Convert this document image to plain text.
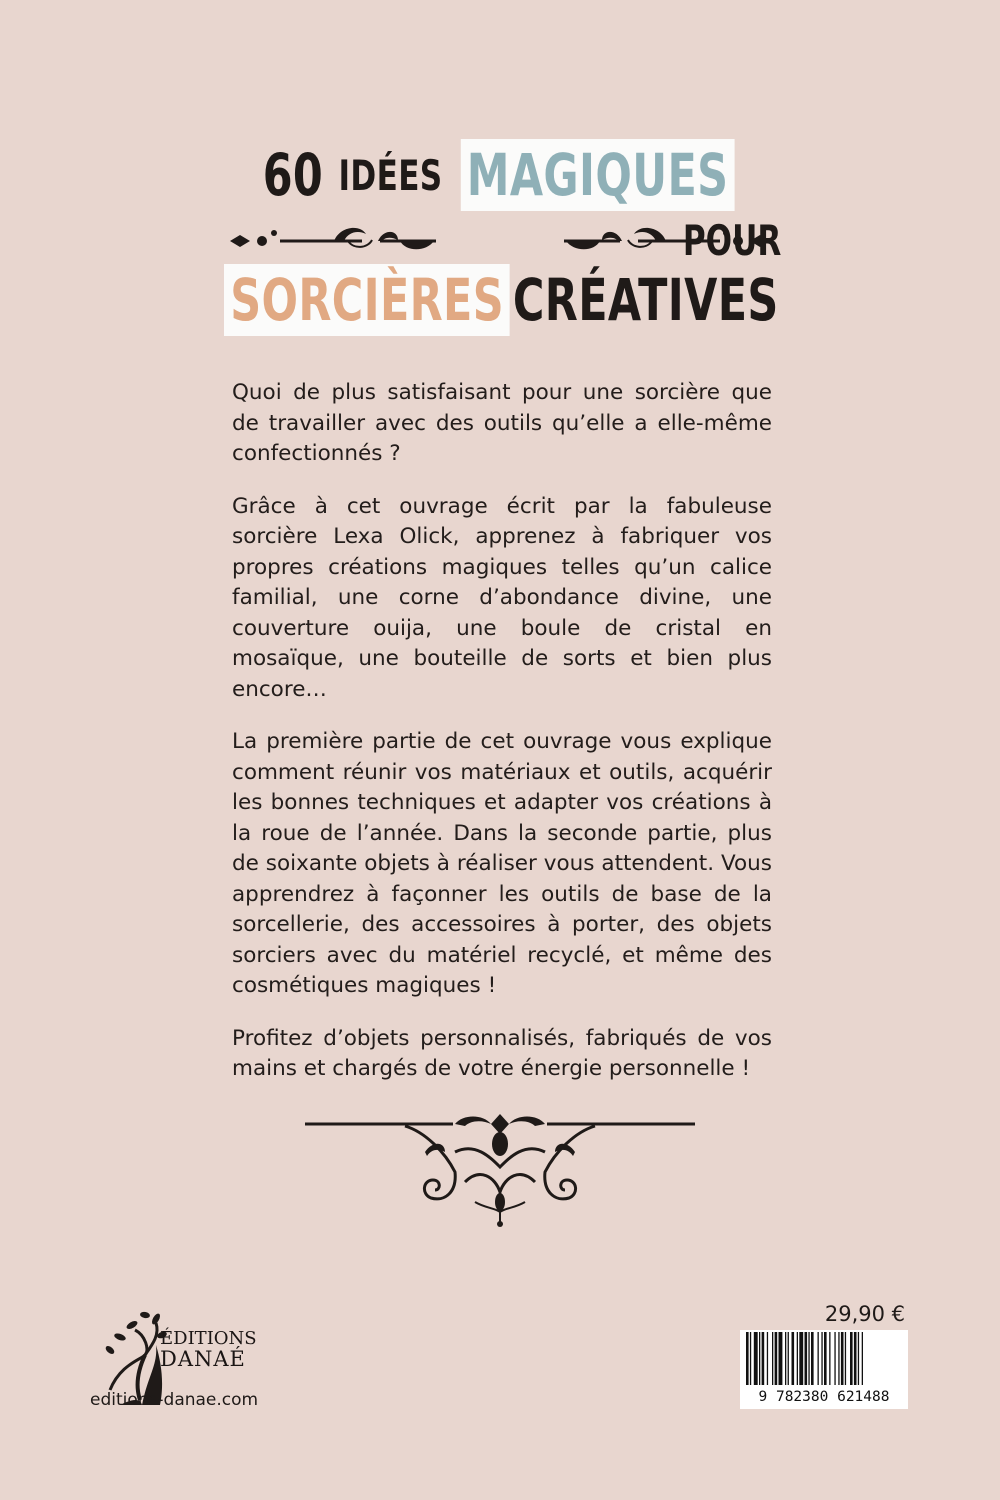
60
IDÉES
MAGIQUES
POUR
SORCIÈRES CRÉATIVES

Quoi de plus satisfaisant pour une sorcière que de travailler avec des outils qu’elle a elle-même confectionnés ?

Grâce à cet ouvrage écrit par la fabuleuse sorcière Lexa Olick, apprenez à fabriquer vos propres créations magiques telles qu’un calice familial, une corne d’abondance divine, une couverture ouija, une boule de cristal en mosaïque, une bouteille de sorts et bien plus encore…

La première partie de cet ouvrage vous explique comment réunir vos matériaux et outils, acquérir les bonnes techniques et adapter vos créations à la roue de l’année. Dans la seconde partie, plus de soixante objets à réaliser vous attendent. Vous apprendrez à façonner les outils de base de la sorcellerie, des accessoires à porter, des objets sorciers avec du matériel recyclé, et même des cosmétiques magiques !

Profitez d’objets personnalisés, fabriqués de vos mains et chargés de votre énergie personnelle !

ÉDITIONS
DANAÉ
editions-danae.com
29,90 €
9 782380 621488
